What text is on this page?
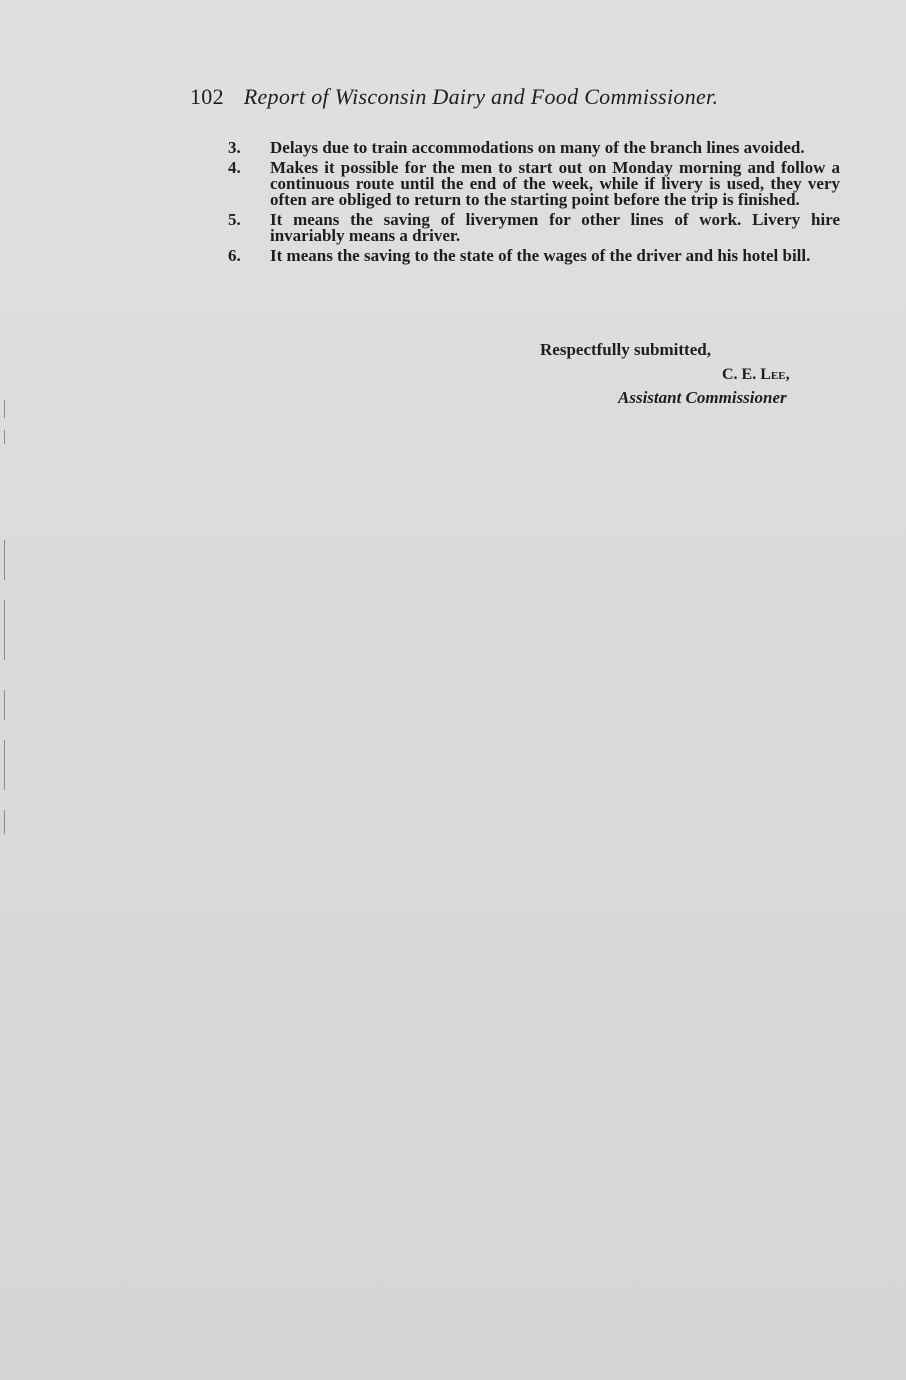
102 Report of Wisconsin Dairy and Food Commissioner.
3. Delays due to train accommodations on many of the branch lines avoided.
4. Makes it possible for the men to start out on Monday morning and follow a continuous route until the end of the week, while if livery is used, they very often are obliged to return to the starting point before the trip is finished.
5. It means the saving of liverymen for other lines of work. Livery hire invariably means a driver.
6. It means the saving to the state of the wages of the driver and his hotel bill.
Respectfully submitted,
C. E. Lee,
Assistant Commissioner
